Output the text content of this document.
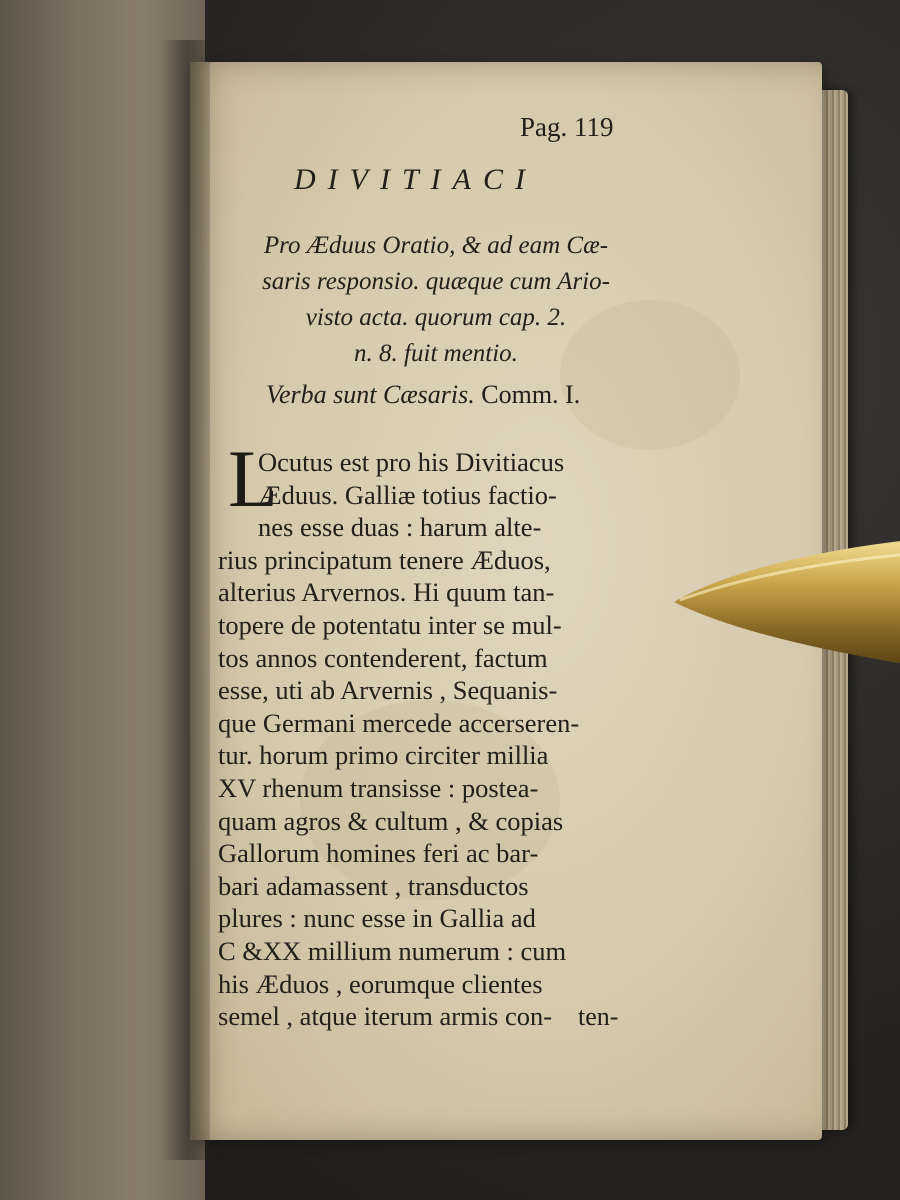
Pag. 119
DIVITIACI
Pro Æduus Oratio, & ad eam Cæ-
saris responsio. quæque cum Ario-
visto acta. quorum cap. 2.
n. 8. fuit mentio.
Verba sunt Cæsaris. Comm. I.
L
Ocutus est pro his Divitiacus
Æduus. Galliæ totius factio-
nes esse duas : harum alte-
rius principatum tenere Æduos,
alterius Arvernos. Hi quum tan-
topere de potentatu inter se mul-
tos annos contenderent, factum
esse, uti ab Arvernis , Sequanis-
que Germani mercede accerseren-
tur. horum primo circiter millia
XV rhenum transisse : postea-
quam agros & cultum , & copias
Gallorum homines feri ac bar-
bari adamassent , transductos
plures : nunc esse in Gallia ad
C &XX millium numerum : cum
his Æduos , eorumque clientes
semel , atque iterum armis con- ten-
